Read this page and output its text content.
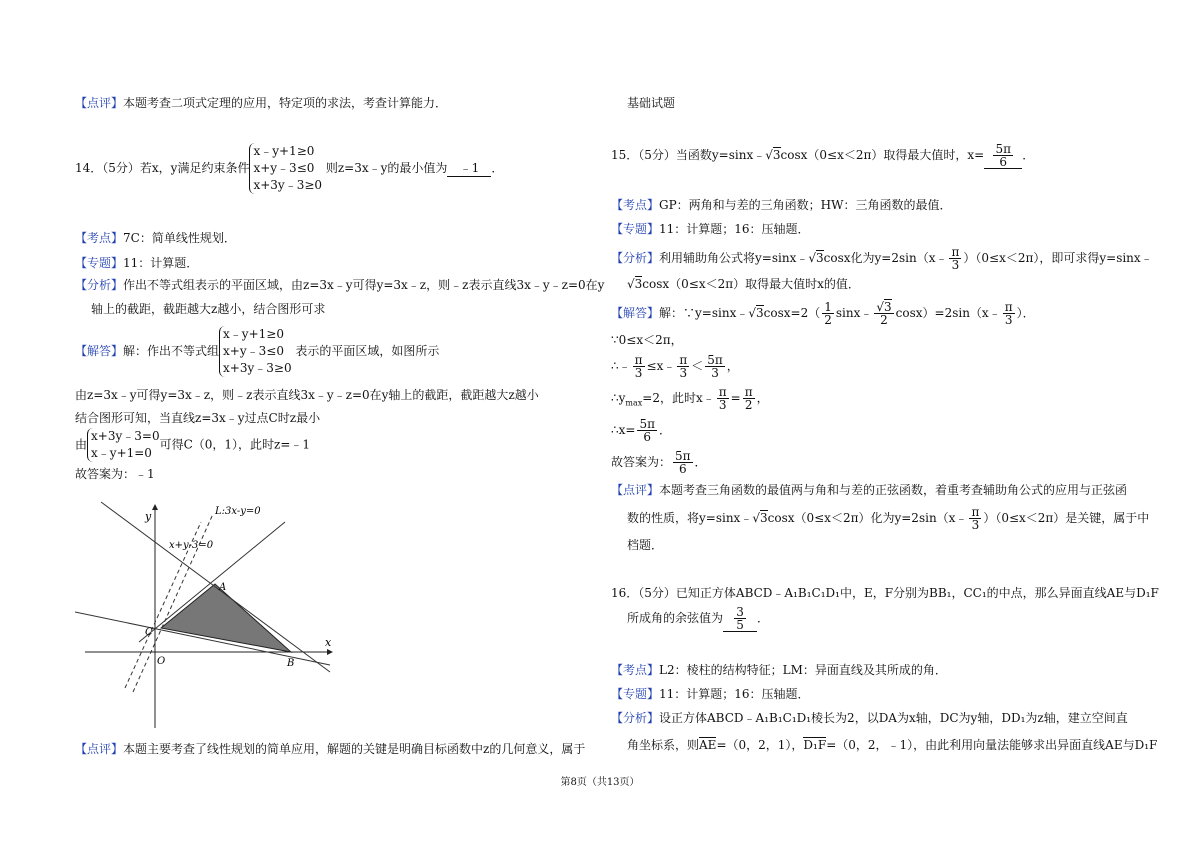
【点评】本题考查二项式定理的应用，特定项的求法，考查计算能力．
14．（5分）若x，y满足约束条件
x﹣y+1≥0
x+y﹣3≤0
x+3y﹣3≥0
则z=3x﹣y的最小值为 ﹣1 ．
【考点】7C：简单线性规划．
【专题】11：计算题．
【分析】作出不等式组表示的平面区域，由z=3x﹣y可得y=3x﹣z，则﹣z表示直线3x﹣y﹣z=0在y
轴上的截距，截距越大z越小，结合图形可求
【解答】解：作出不等式组
x﹣y+1≥0
x+y﹣3≤0
x+3y﹣3≥0
表示的平面区域，如图所示
由z=3x﹣y可得y=3x﹣z，则﹣z表示直线3x﹣y﹣z=0在y轴上的截距，截距越大z越小
结合图形可知，当直线z=3x﹣y过点C时z最小
由
x+3y﹣3=0
x﹣y+1=0
可得C（0，1），此时z=﹣1
故答案为：﹣1
L:3x-y=0
x+y-3=0
y
x
O
A
B
C
【点评】本题主要考查了线性规划的简单应用，解题的关键是明确目标函数中z的几何意义，属于
基础试题
15．（5分）当函数y=sinx﹣√3cosx（0≤x＜2π）取得最大值时，$x= \frac{5\pi}{6}$ ．
【考点】GP：两角和与差的三角函数；HW：三角函数的最值．
【专题】11：计算题；16：压轴题．
【分析】利用辅助角公式将y=sinx﹣√3cosx化为y=2sin（x﹣ $\frac{\pi}{3} )(0\le x<2\pi)$，即可求得y=sinx﹣
√3cosx（0≤x＜2π）取得最大值时x的值．
【解答】解：∵y=sinx﹣√3cosx=2（ $\frac{1}{2}$ sinx﹣ $\frac{√3}{2}$ cosx）=2sin（x﹣ $\frac{\pi}{3}$ ）．
∵0≤x＜2π，
∴﹣ $\frac{\pi}{3}$ ≤x﹣ $\frac{\pi}{3} < \frac{5\pi}{3}$ ，
$\therefore y_{max}=2$，此时x﹣ $\frac{\pi}{3} = \frac{\pi}{2}$ ，
∴x= $\frac{5\pi}{6}$ ．
故答案为： $\frac{5\pi}{6}$ ．
【点评】本题考查三角函数的最值两与角和与差的正弦函数，着重考查辅助角公式的应用与正弦函
数的性质，将y=sinx﹣√3cosx（0≤x＜2π）化为y=2sin（x﹣ $\frac{\pi}{3} )(0\le x<2\pi)$是关键，属于中
档题．
16．（5分）已知正方体ABCD﹣A₁B₁C₁D₁中，E，F分别为BB₁，CC₁的中点，那么异面直线AE与D₁F
所成角的余弦值为 $\frac{3}{5}$ ．
【考点】L2：棱柱的结构特征；LM：异面直线及其所成的角．
【专题】11：计算题；16：压轴题．
【分析】设正方体ABCD﹣A₁B₁C₁D₁棱长为2，以DA为x轴，DC为y轴，DD₁为z轴，建立空间直
角坐标系，则AE=（0，2，1），D₁F=（0，2，﹣1），由此利用向量法能够求出异面直线AE与D₁F
第8页（共13页）
